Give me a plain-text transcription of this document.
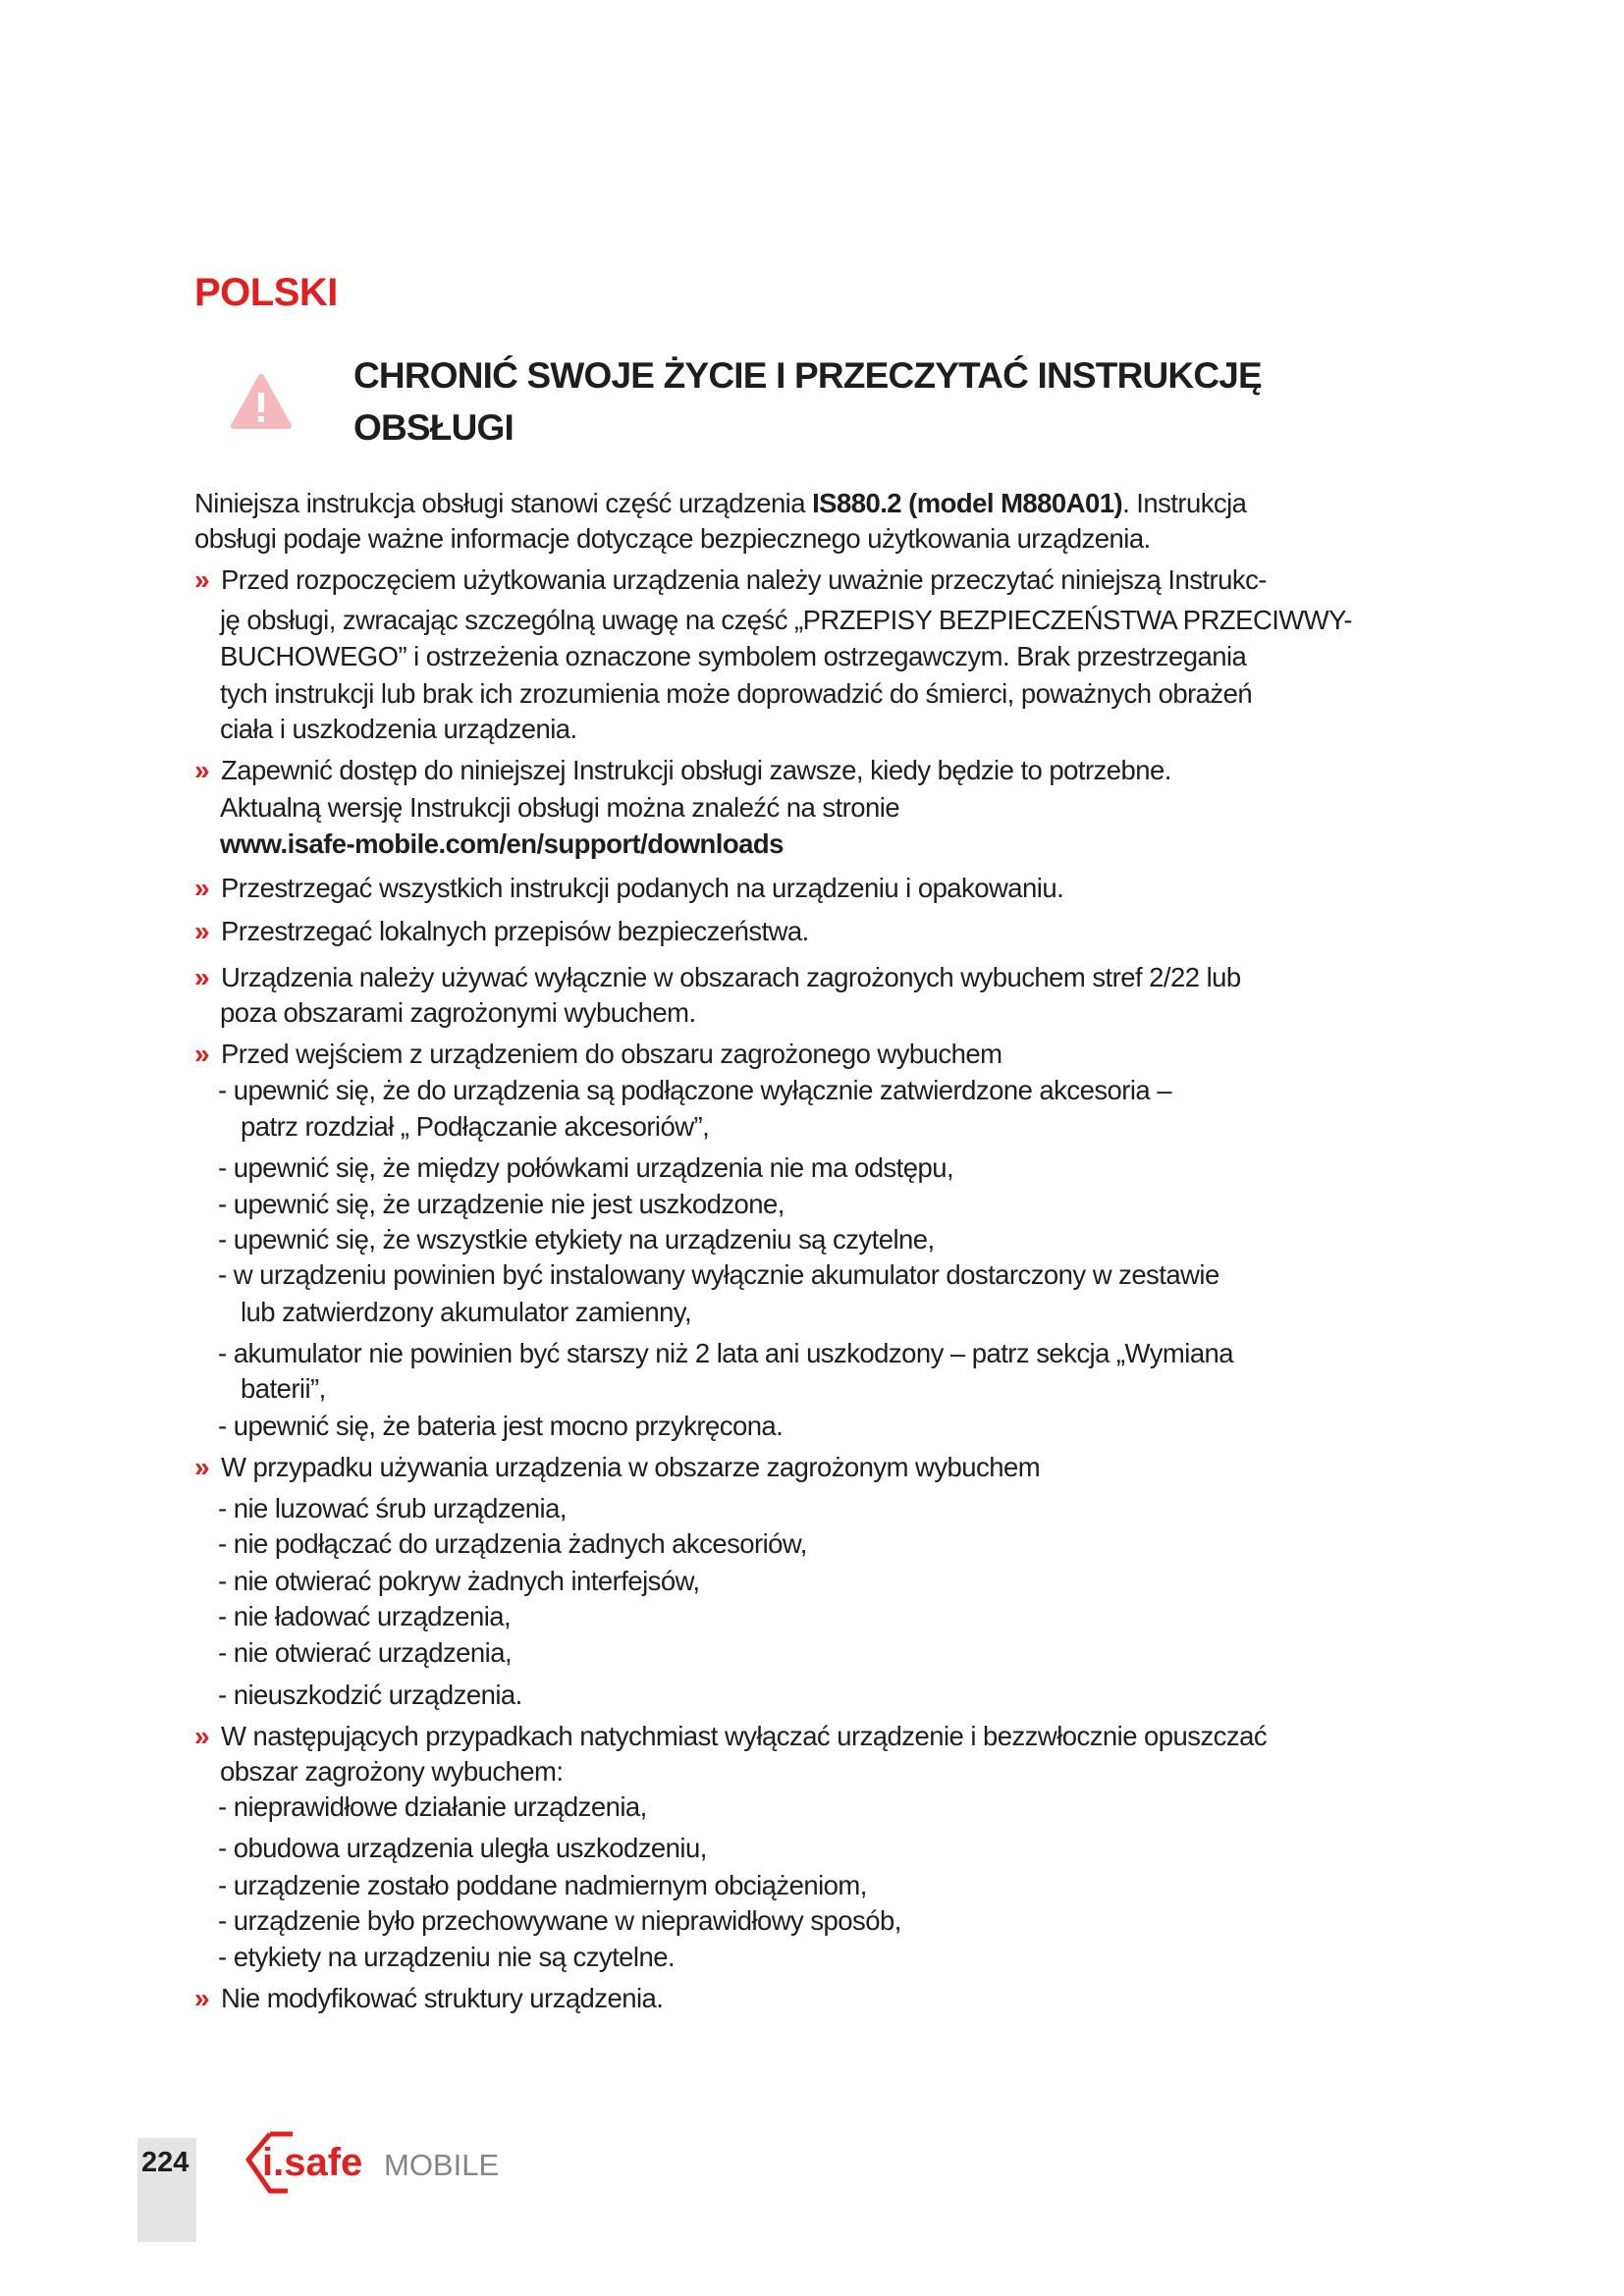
POLSKI
CHRONIĆ SWOJE ŻYCIE I PRZECZYTAĆ INSTRUKCJĘ
OBSŁUGI
Niniejsza instrukcja obsługi stanowi część urządzenia IS880.2 (model M880A01). Instrukcja
obsługi podaje ważne informacje dotyczące bezpiecznego użytkowania urządzenia.
» Przed rozpoczęciem użytkowania urządzenia należy uważnie przeczytać niniejszą Instrukc-
ję obsługi, zwracając szczególną uwagę na część „PRZEPISY BEZPIECZEŃSTWA PRZECIWWY-
BUCHOWEGO” i ostrzeżenia oznaczone symbolem ostrzegawczym. Brak przestrzegania
tych instrukcji lub brak ich zrozumienia może doprowadzić do śmierci, poważnych obrażeń
ciała i uszkodzenia urządzenia.
» Zapewnić dostęp do niniejszej Instrukcji obsługi zawsze, kiedy będzie to potrzebne.
Aktualną wersję Instrukcji obsługi można znaleźć na stronie
www.isafe-mobile.com/en/support/downloads
» Przestrzegać wszystkich instrukcji podanych na urządzeniu i opakowaniu.
» Przestrzegać lokalnych przepisów bezpieczeństwa.
» Urządzenia należy używać wyłącznie w obszarach zagrożonych wybuchem stref 2/22 lub
poza obszarami zagrożonymi wybuchem.
» Przed wejściem z urządzeniem do obszaru zagrożonego wybuchem
- upewnić się, że do urządzenia są podłączone wyłącznie zatwierdzone akcesoria –
patrz rozdział „ Podłączanie akcesoriów”,
- upewnić się, że między połówkami urządzenia nie ma odstępu,
- upewnić się, że urządzenie nie jest uszkodzone,
- upewnić się, że wszystkie etykiety na urządzeniu są czytelne,
- w urządzeniu powinien być instalowany wyłącznie akumulator dostarczony w zestawie
lub zatwierdzony akumulator zamienny,
- akumulator nie powinien być starszy niż 2 lata ani uszkodzony – patrz sekcja „Wymiana
baterii”,
- upewnić się, że bateria jest mocno przykręcona.
» W przypadku używania urządzenia w obszarze zagrożonym wybuchem
- nie luzować śrub urządzenia,
- nie podłączać do urządzenia żadnych akcesoriów,
- nie otwierać pokryw żadnych interfejsów,
- nie ładować urządzenia,
- nie otwierać urządzenia,
- nieuszkodzić urządzenia.
» W następujących przypadkach natychmiast wyłączać urządzenie i bezzwłocznie opuszczać
obszar zagrożony wybuchem:
- nieprawidłowe działanie urządzenia,
- obudowa urządzenia uległa uszkodzeniu,
- urządzenie zostało poddane nadmiernym obciążeniom,
- urządzenie było przechowywane w nieprawidłowy sposób,
- etykiety na urządzeniu nie są czytelne.
» Nie modyfikować struktury urządzenia.
224 i.safe MOBILE
